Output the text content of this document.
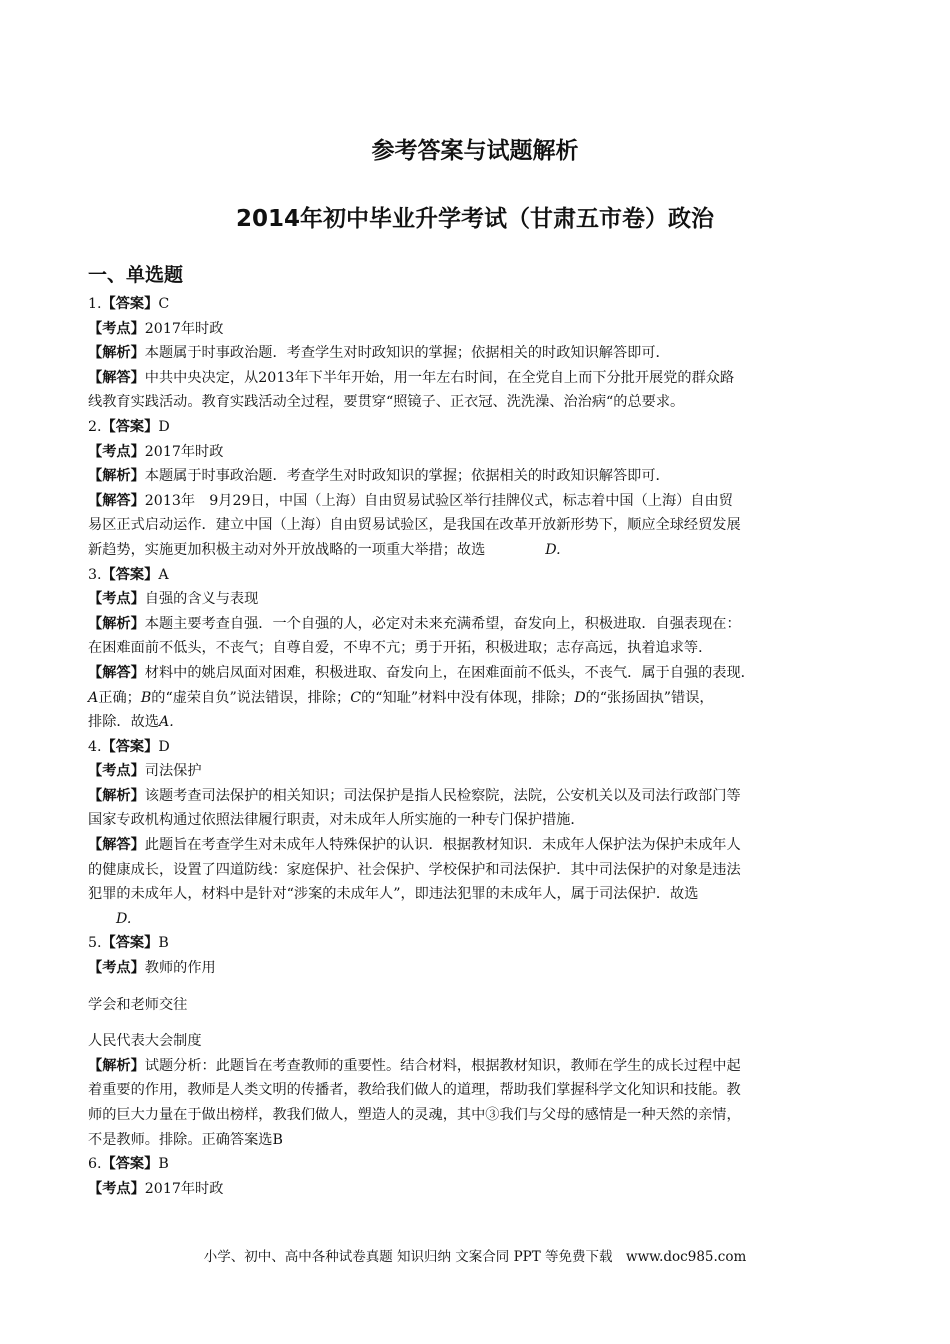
参考答案与试题解析
2014年初中毕业升学考试（甘肃五市卷）政治
一、单选题
1.【答案】C
【考点】2017年时政
【解析】本题属于时事政治题．考查学生对时政知识的掌握；依据相关的时政知识解答即可．
【解答】中共中央决定，从2013年下半年开始，用一年左右时间，在全党自上而下分批开展党的群众路
线教育实践活动。教育实践活动全过程，要贯穿“照镜子、正衣冠、洗洗澡、治治病“的总要求。
2.【答案】D
【考点】2017年时政
【解析】本题属于时事政治题．考查学生对时政知识的掌握；依据相关的时政知识解答即可．
【解答】2013年　9月29日，中国（上海）自由贸易试验区举行挂牌仪式，标志着中国（上海）自由贸
易区正式启动运作．建立中国（上海）自由贸易试验区，是我国在改革开放新形势下，顺应全球经贸发展
新趋势，实施更加积极主动对外开放战略的一项重大举措；故选	D.
3.【答案】A
【考点】自强的含义与表现
【解析】本题主要考查自强．一个自强的人，必定对未来充满希望，奋发向上，积极进取．自强表现在：
在困难面前不低头，不丧气；自尊自爱，不卑不亢；勇于开拓，积极进取；志存高远，执着追求等．
【解答】材料中的姚启凤面对困难，积极进取、奋发向上，在困难面前不低头，不丧气．属于自强的表现．
A正确；B的“虚荣自负”说法错误，排除；C的“知耻”材料中没有体现，排除；D的“张扬固执”错误，
排除．故选A.
4.【答案】D
【考点】司法保护
【解析】该题考查司法保护的相关知识；司法保护是指人民检察院，法院，公安机关以及司法行政部门等
国家专政机构通过依照法律履行职责，对未成年人所实施的一种专门保护措施．
【解答】此题旨在考查学生对未成年人特殊保护的认识．根据教材知识．未成年人保护法为保护未成年人
的健康成长，设置了四道防线：家庭保护、社会保护、学校保护和司法保护．其中司法保护的对象是违法
犯罪的未成年人，材料中是针对“涉案的未成年人”，即违法犯罪的未成年人，属于司法保护．故选
D.
5.【答案】B
【考点】教师的作用
学会和老师交往
人民代表大会制度
【解析】试题分析：此题旨在考查教师的重要性。结合材料，根据教材知识，教师在学生的成长过程中起
着重要的作用，教师是人类文明的传播者，教给我们做人的道理，帮助我们掌握科学文化知识和技能。教
师的巨大力量在于做出榜样，教我们做人，塑造人的灵魂，其中③我们与父母的感情是一种天然的亲情，
不是教师。排除。正确答案选B
6.【答案】B
【考点】2017年时政
小学、初中、高中各种试卷真题 知识归纳 文案合同 PPT 等免费下载　www.doc985.com
